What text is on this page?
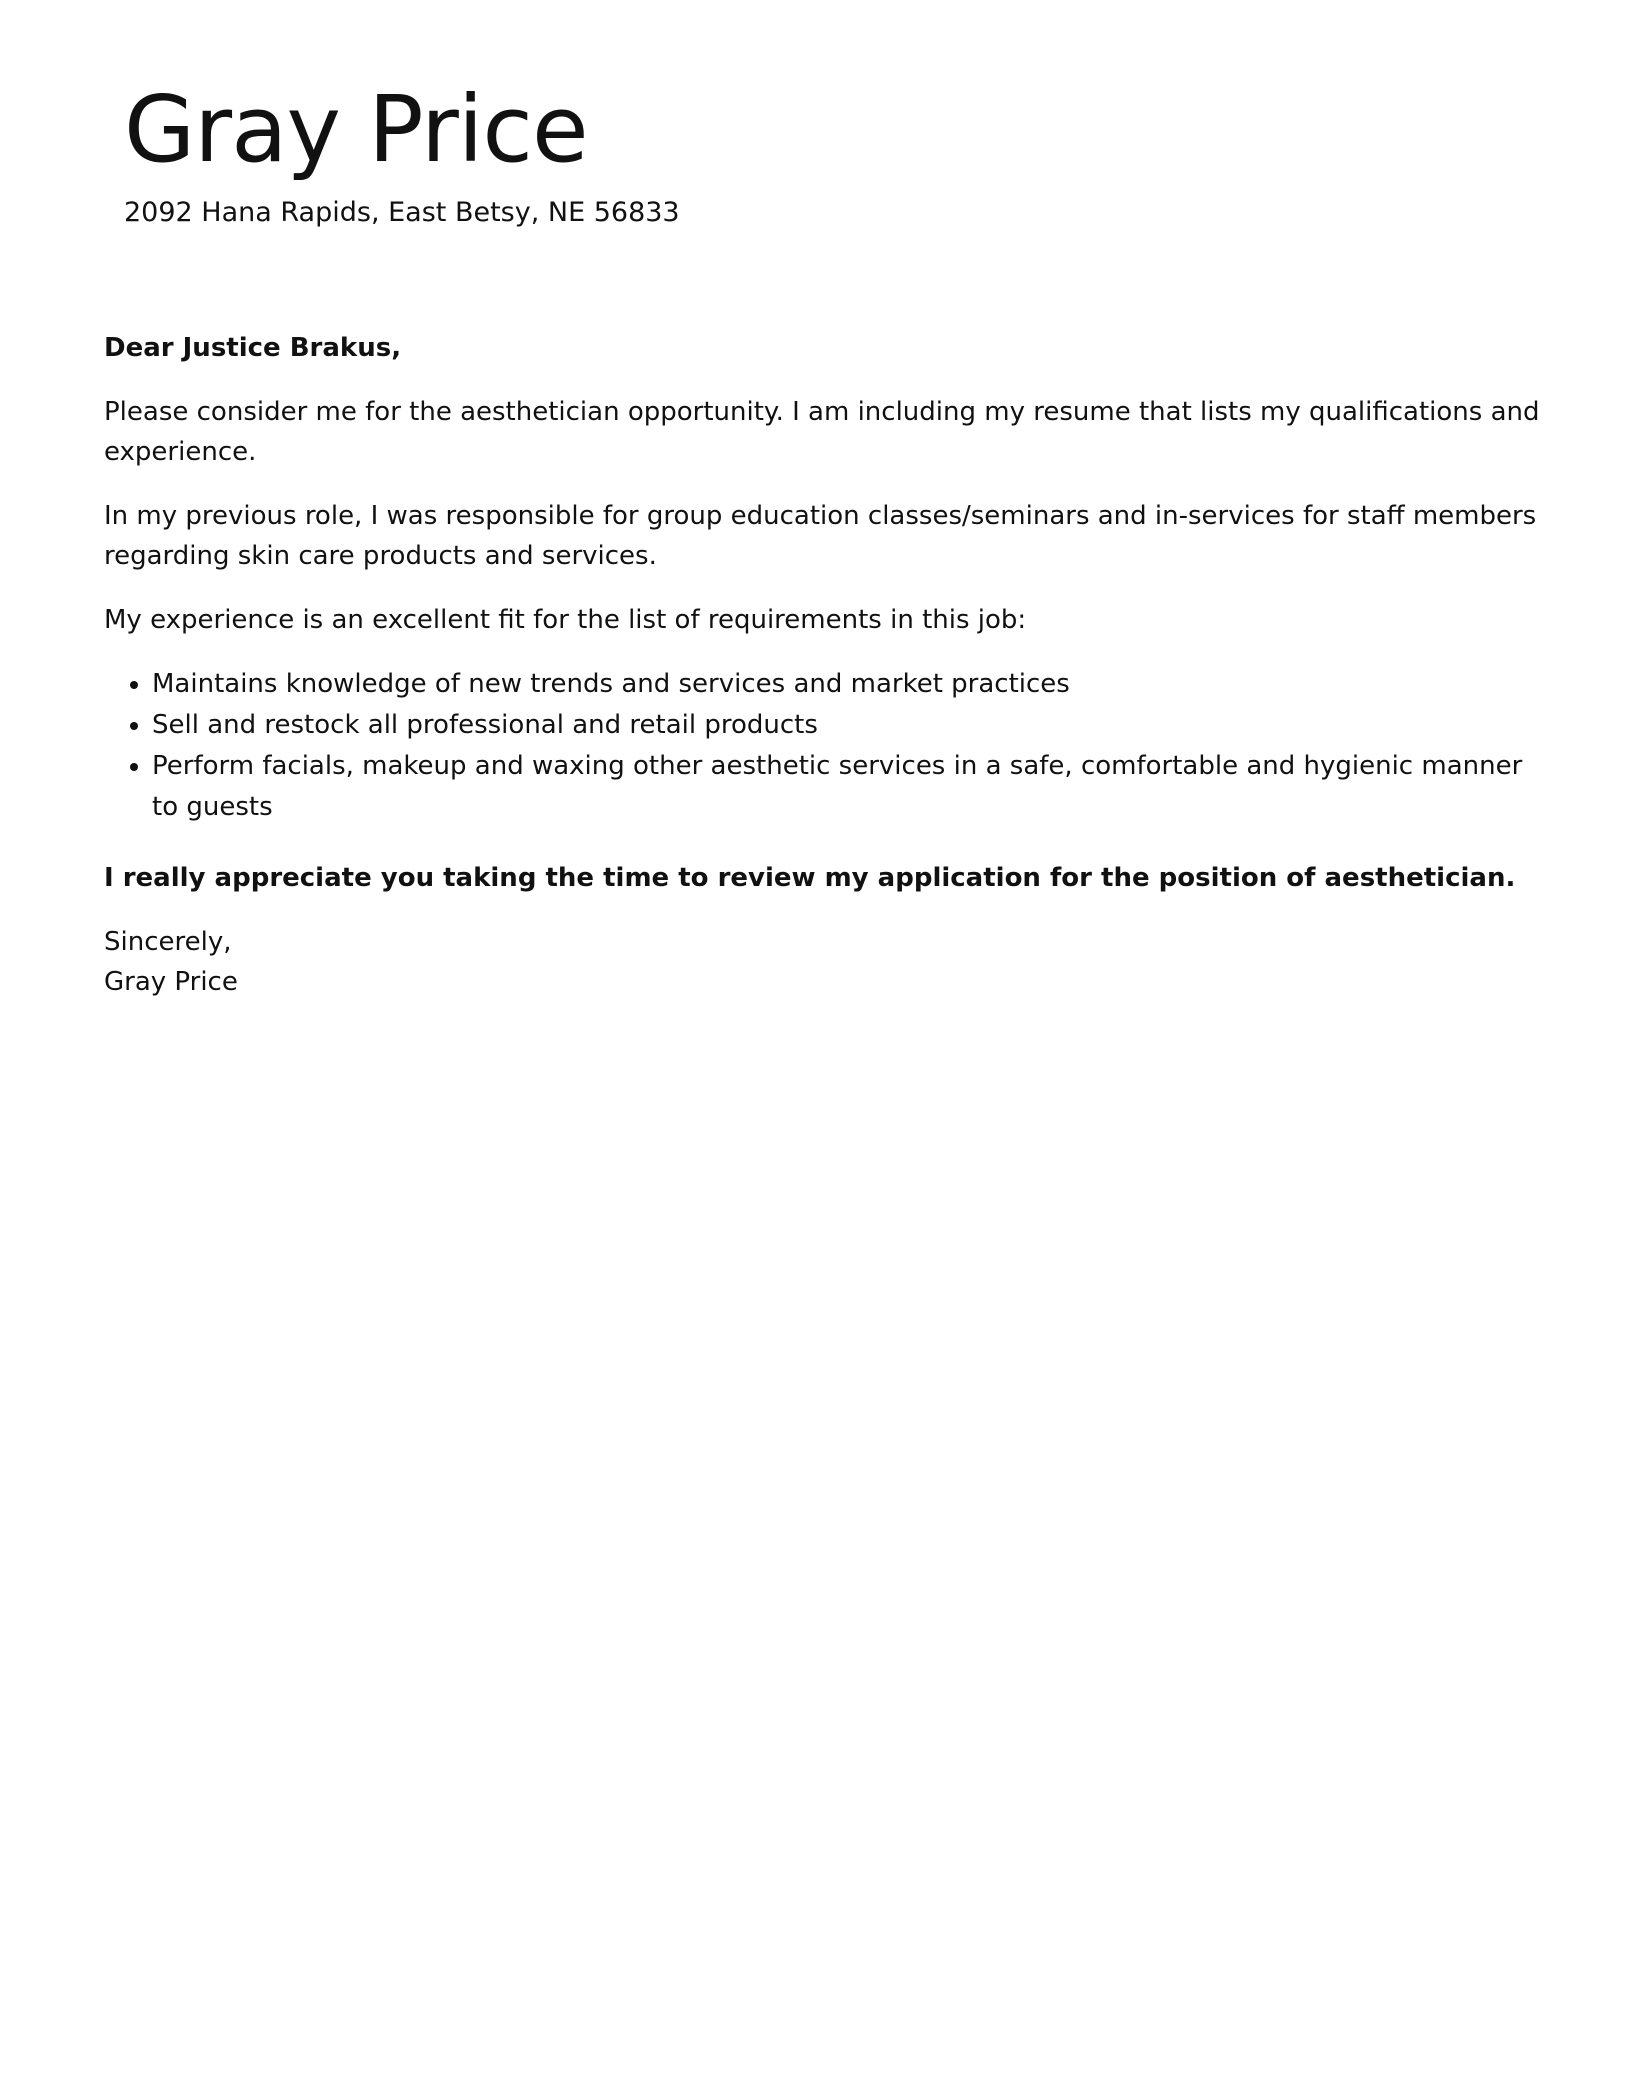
Gray Price
2092 Hana Rapids, East Betsy, NE 56833

Dear Justice Brakus,

Please consider me for the aesthetician opportunity. I am including my resume that lists my qualifications and experience.

In my previous role, I was responsible for group education classes/seminars and in-services for staff members regarding skin care products and services.

My experience is an excellent fit for the list of requirements in this job:

• Maintains knowledge of new trends and services and market practices
• Sell and restock all professional and retail products
• Perform facials, makeup and waxing other aesthetic services in a safe, comfortable and hygienic manner to guests

I really appreciate you taking the time to review my application for the position of aesthetician.

Sincerely,
Gray Price
